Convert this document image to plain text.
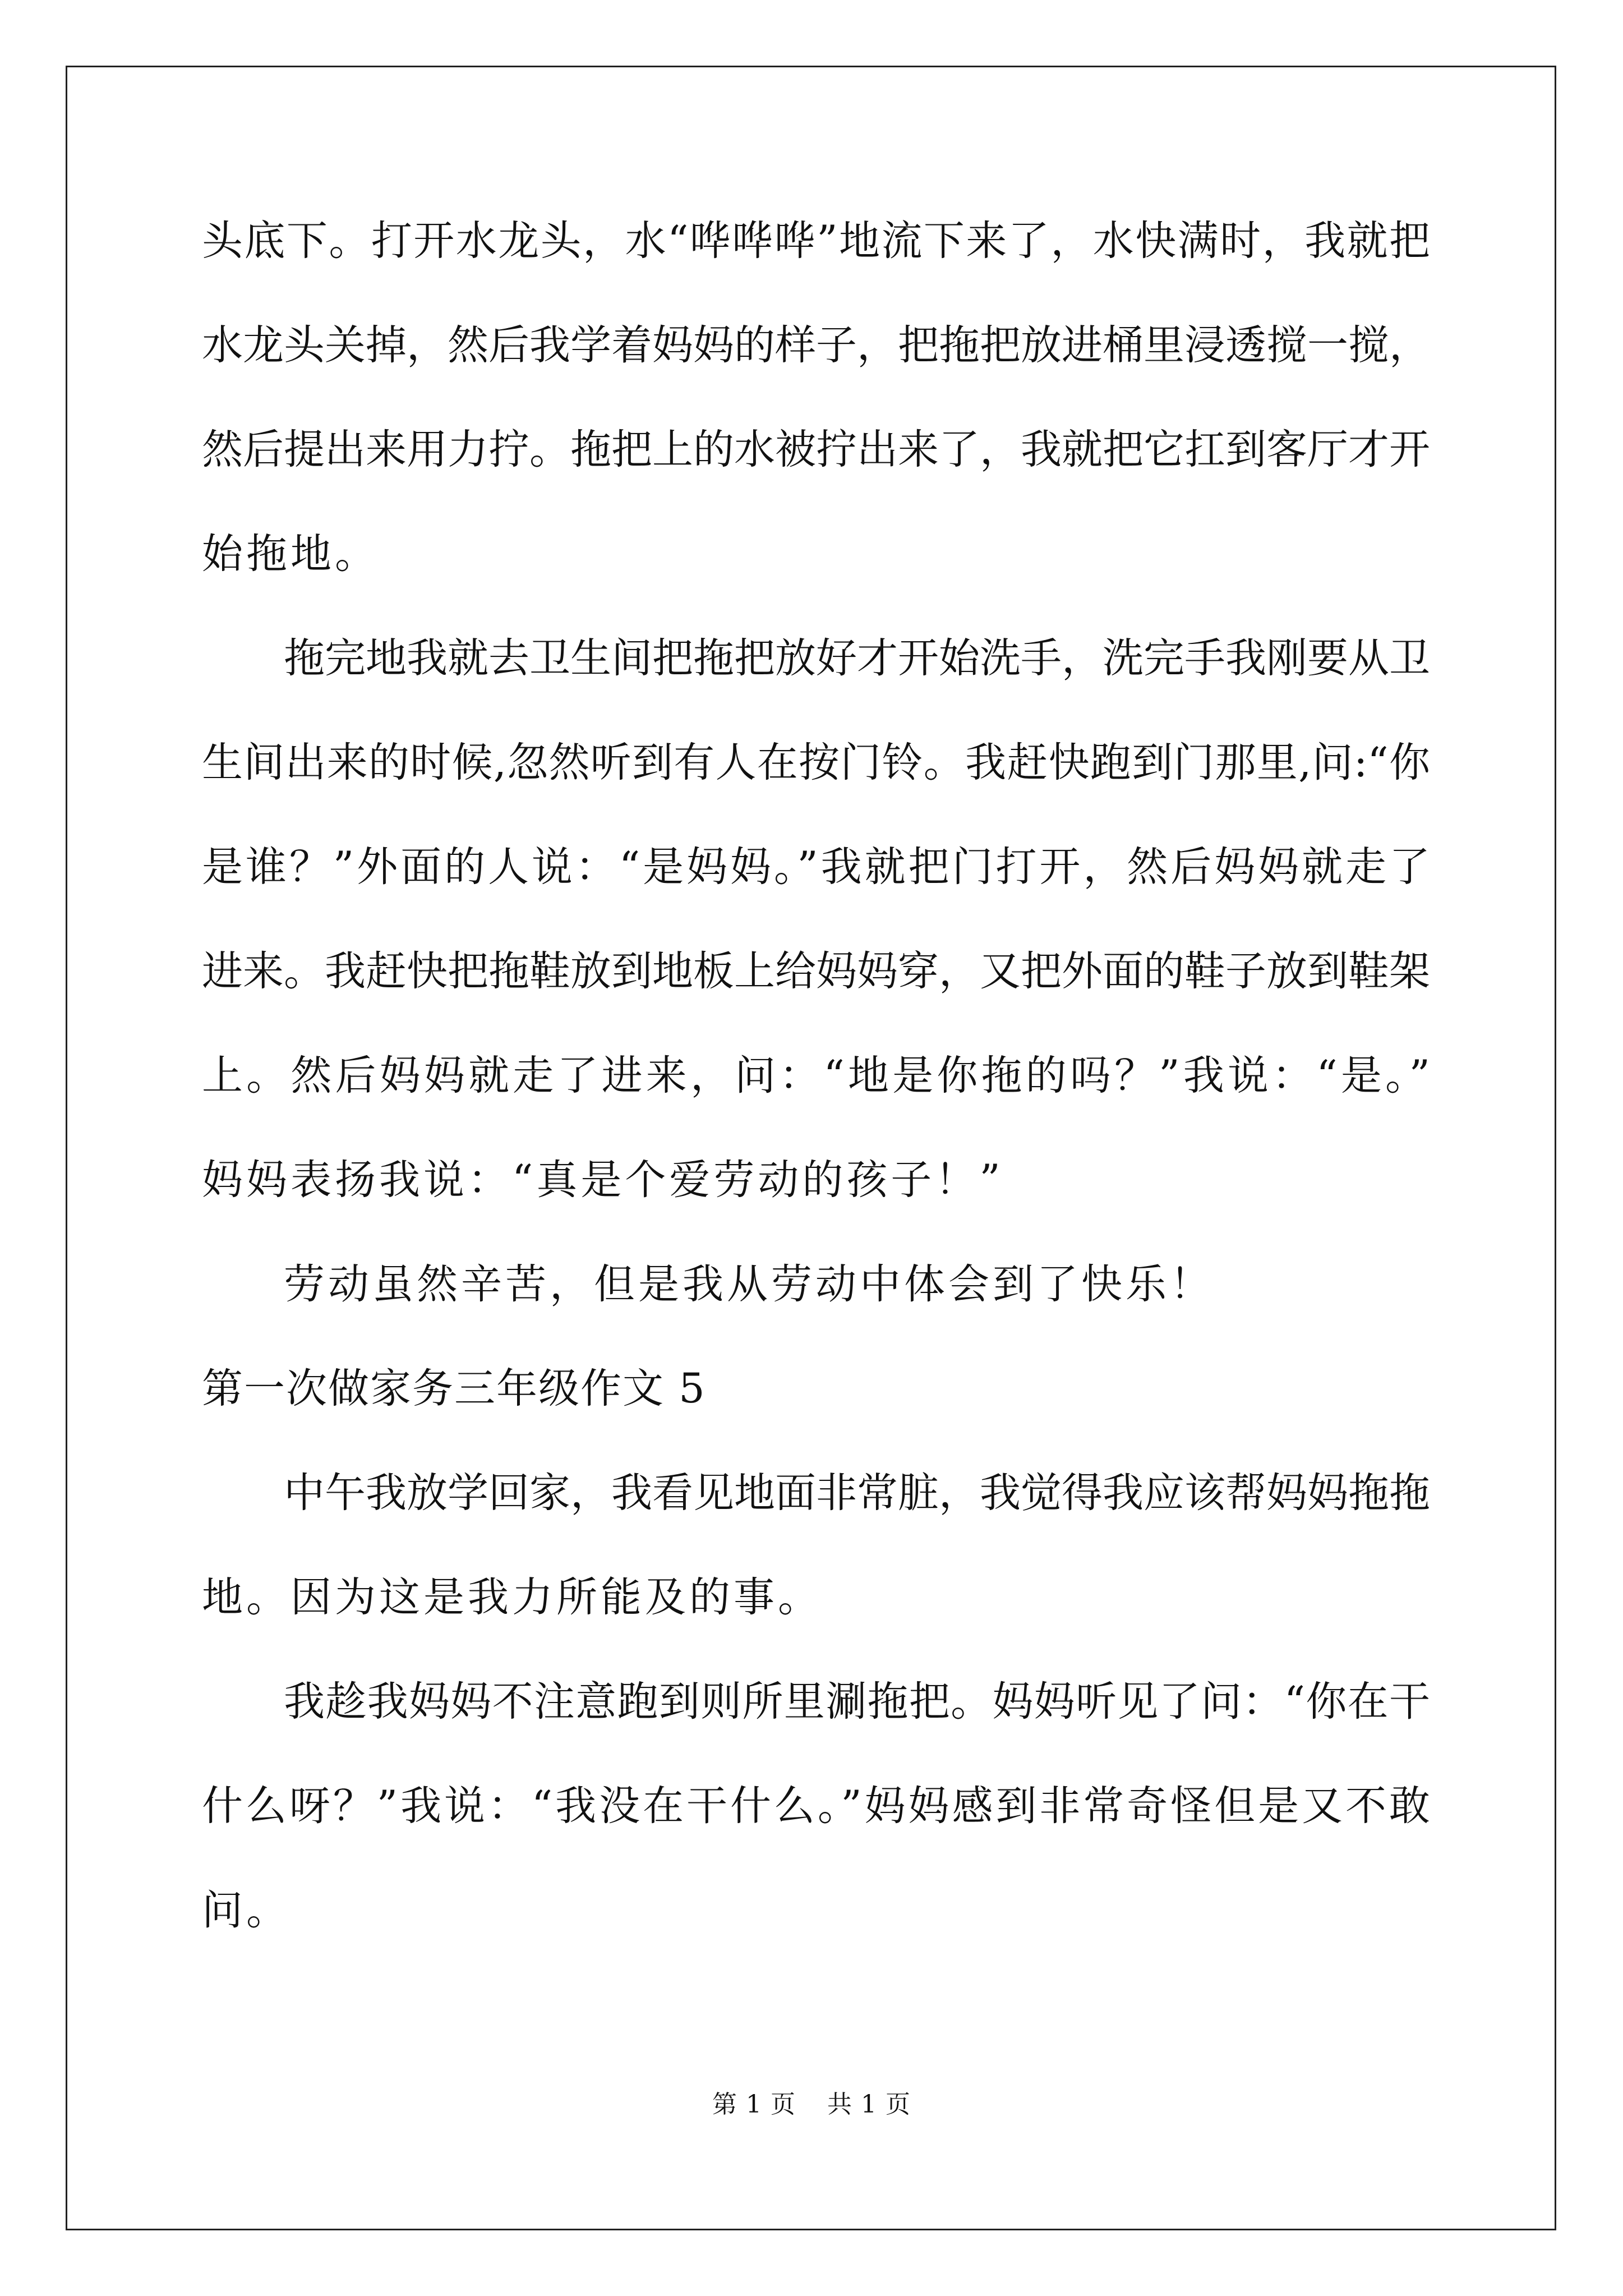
头底下。打开水龙头，水“哗哗哗”地流下来了，水快满时，我就把
水龙头关掉，然后我学着妈妈的样子，把拖把放进桶里浸透搅一搅，
然后提出来用力拧。拖把上的水被拧出来了，我就把它扛到客厅才开
始拖地。
拖完地我就去卫生间把拖把放好才开始洗手，洗完手我刚要从卫
生间出来的时候,忽然听到有人在按门铃。我赶快跑到门那里,问:“你
是谁？”外面的人说：“是妈妈。”我就把门打开，然后妈妈就走了
进来。我赶快把拖鞋放到地板上给妈妈穿，又把外面的鞋子放到鞋架
上。然后妈妈就走了进来，问：“地是你拖的吗？”我说：“是。”
妈妈表扬我说：“真是个爱劳动的孩子！”
劳动虽然辛苦，但是我从劳动中体会到了快乐！
第一次做家务三年级作文 5
中午我放学回家，我看见地面非常脏，我觉得我应该帮妈妈拖拖
地。因为这是我力所能及的事。
我趁我妈妈不注意跑到则所里涮拖把。妈妈听见了问：“你在干
什么呀？”我说：“我没在干什么。”妈妈感到非常奇怪但是又不敢
问。
第 1 页 共 1 页
